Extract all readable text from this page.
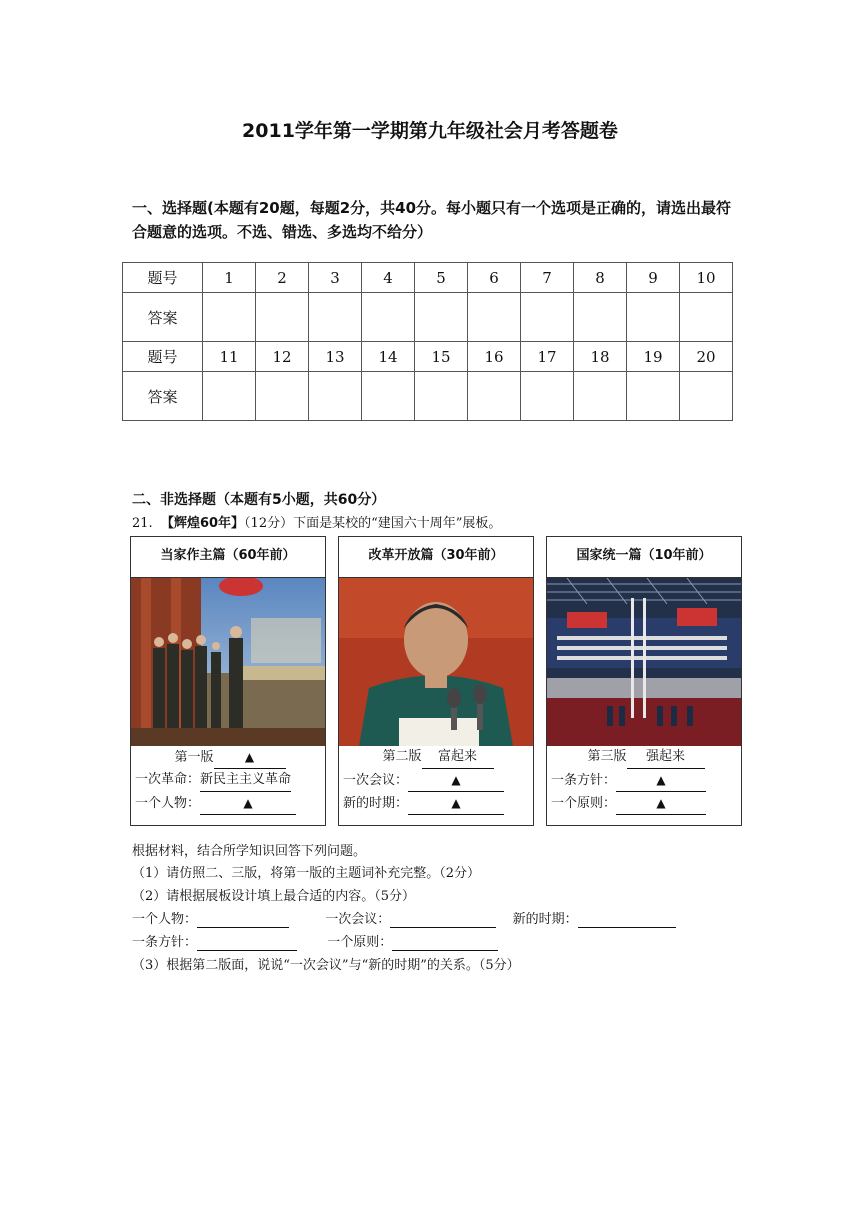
2011学年第一学期第九年级社会月考答题卷
一、选择题(本题有20题，每题2分，共40分。每小题只有一个选项是正确的，请选出最符合题意的选项。不选、错选、多选均不给分）
题号	1	2	3	4	5	6	7	8	9	10
答案										
题号	11	12	13	14	15	16	17	18	19	20
答案										
二、非选择题（本题有5小题，共60分）
21. 【辉煌60年】（12分）下面是某校的“建国六十周年”展板。
当家作主篇（60年前）
第一版	▲
一次革命：新民主主义革命
一个人物：	▲
改革开放篇（30年前）
第二版 富起来
一次会议：	▲
新的时期：	▲
国家统一篇（10年前）
第三版 强起来
一条方针：	▲
一个原则：	▲
根据材料，结合所学知识回答下列问题。
（1）请仿照二、三版，将第一版的主题词补充完整。（2分）
（2）请根据展板设计填上最合适的内容。（5分）
一个人物：	一次会议：	新的时期：
一条方针：	一个原则：
（3）根据第二版面，说说“一次会议”与“新的时期”的关系。（5分）
